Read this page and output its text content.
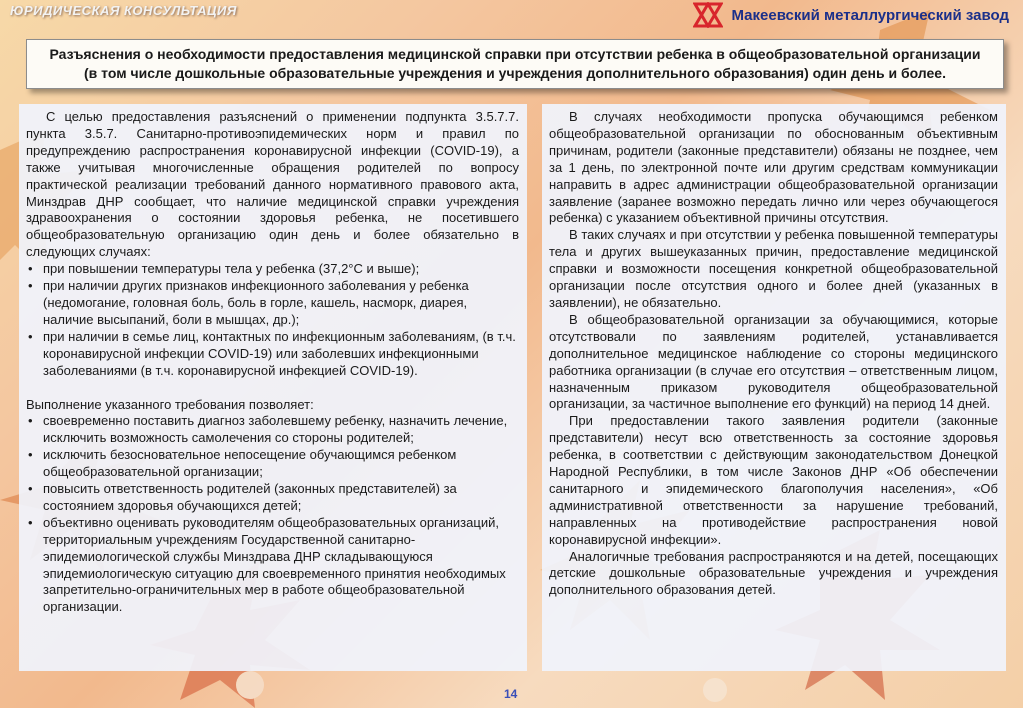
ЮРИДИЧЕСКАЯ КОНСУЛЬТАЦИЯ	Макеевский металлургический завод
Разъяснения о необходимости предоставления медицинской справки при отсутствии ребенка в общеобразовательной организации
(в том числе дошкольные образовательные учреждения и учреждения дополнительного образования) один день и более.

С целью предоставления разъяснений о применении подпункта 3.5.7.7. пункта 3.5.7. Санитарно-противоэпидемических норм и правил по предупреждению распространения коронавирусной инфекции (COVID-19), а также учитывая многочисленные обращения родителей по вопросу практической реализации требований данного нормативного правового акта, Минздрав ДНР сообщает, что наличие медицинской справки учреждения здравоохранения о состоянии здоровья ребенка, не посетившего общеобразовательную организацию один день и более обязательно в следующих случаях:

• при повышении температуры тела у ребенка (37,2°С и выше);
• при наличии других признаков инфекционного заболевания у ребенка (недомогание, головная боль, боль в горле, кашель, насморк, диарея, наличие высыпаний, боли в мышцах, др.);
• при наличии в семье лиц, контактных по инфекционным заболеваниям, (в т.ч. коронавирусной инфекции COVID-19) или заболевших инфекционными заболеваниями (в т.ч. коронавирусной инфекцией COVID-19).

Выполнение указанного требования позволяет:

• своевременно поставить диагноз заболевшему ребенку, назначить лечение, исключить возможность самолечения со стороны родителей;
• исключить безосновательное непосещение обучающимся ребенком общеобразовательной организации;
• повысить ответственность родителей (законных представителей) за состоянием здоровья обучающихся детей;
• объективно оценивать руководителям общеобразовательных организаций, территориальным учреждениям Государственной санитарно-эпидемиологической службы Минздрава ДНР складывающуюся эпидемиологическую ситуацию для своевременного принятия необходимых запретительно-ограничительных мер в работе общеобразовательной организации.

В случаях необходимости пропуска обучающимся ребенком общеобразовательной организации по обоснованным объективным причинам, родители (законные представители) обязаны не позднее, чем за 1 день, по электронной почте или другим средствам коммуникации направить в адрес администрации общеобразовательной организации заявление (заранее возможно передать лично или через обучающегося ребенка) с указанием объективной причины отсутствия.

В таких случаях и при отсутствии у ребенка повышенной температуры тела и других вышеуказанных причин, предоставление медицинской справки и возможности посещения конкретной общеобразовательной организации после отсутствия одного и более дней (указанных в заявлении), не обязательно.

В общеобразовательной организации за обучающимися, которые отсутствовали по заявлениям родителей, устанавливается дополнительное медицинское наблюдение со стороны медицинского работника организации (в случае его отсутствия – ответственным лицом, назначенным приказом руководителя общеобразовательной организации, за частичное выполнение его функций) на период 14 дней.

При предоставлении такого заявления родители (законные представители) несут всю ответственность за состояние здоровья ребенка, в соответствии с действующим законодательством Донецкой Народной Республики, в том числе Законов ДНР «Об обеспечении санитарного и эпидемического благополучия населения», «Об административной ответственности за нарушение требований, направленных на противодействие распространения новой коронавирусной инфекции».

Аналогичные требования распространяются и на детей, посещающих детские дошкольные образовательные учреждения и учреждения дополнительного образования детей.

14
